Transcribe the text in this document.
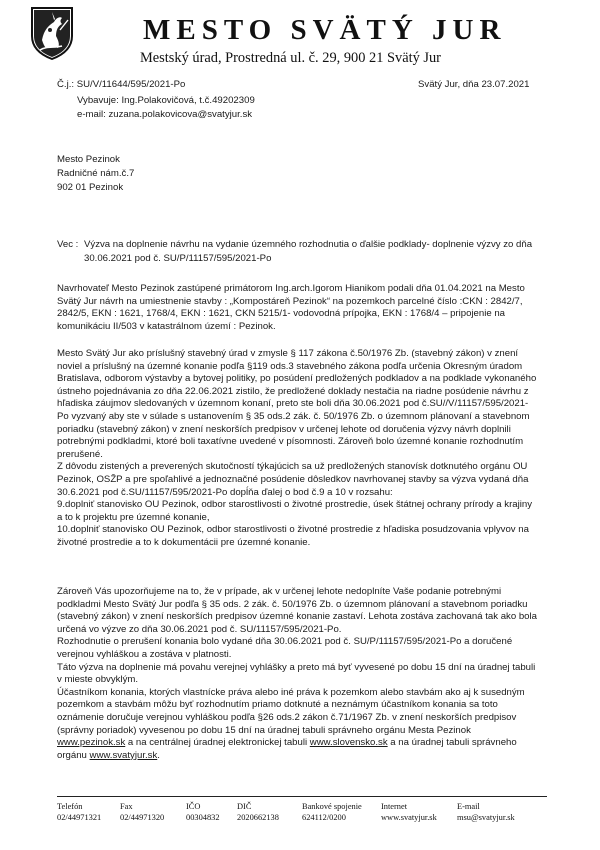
MESTO SVÄTÝ JUR
Mestský úrad, Prostredná ul. č. 29, 900 21 Svätý Jur
Č.j.: SU/V/11644/595/2021-Po	Svätý Jur, dňa 23.07.2021
Vybavuje: Ing.Polakovičová, t.č.49202309
e-mail: zuzana.polakovicova@svatyjur.sk
Mesto Pezinok
Radničné nám.č.7
902 01 Pezinok
Vec : Výzva na doplnenie návrhu na vydanie územného rozhodnutia o ďalšie podklady- doplnenie výzvy zo dňa
30.06.2021 pod č. SU/P/11157/595/2021-Po
Navrhovateľ Mesto Pezinok zastúpené primátorom Ing.arch.Igorom Hianikom podali dňa 01.04.2021 na Mesto
Svätý Jur návrh na umiestnenie stavby : „Kompostáreň Pezinok“ na pozemkoch parcelné číslo :CKN : 2842/7,
2842/5, EKN : 1621, 1768/4, EKN : 1621, CKN 5215/1- vodovodná prípojka, EKN : 1768/4 – pripojenie na
komunikáciu II/503 v katastrálnom území : Pezinok.
Mesto Svätý Jur ako príslušný stavebný úrad v zmysle § 117 zákona č.50/1976 Zb. (stavebný zákon) v znení
noviel a príslušný na územné konanie podľa §119 ods.3 stavebného zákona podľa určenia Okresným úradom
Bratislava, odborom výstavby a bytovej politiky, po posúdení predložených podkladov a na podklade vykonaného
ústneho pojednávania zo dňa 22.06.2021 zistilo, že predložené doklady nestačia na riadne posúdenie návrhu z
hľadiska záujmov sledovaných v územnom konaní, preto ste boli dňa 30.06.2021 pod č.SU//V/11157/595/2021-
Po vyzvaný aby ste v súlade s ustanovením § 35 ods.2 zák. č. 50/1976 Zb. o územnom plánovaní a stavebnom
poriadku (stavebný zákon) v znení neskorších predpisov v určenej lehote od doručenia výzvy návrh doplnili
potrebnými podkladmi, ktoré boli taxatívne uvedené v písomnosti. Zároveň bolo územné konanie rozhodnutím
prerušené.
Z dôvodu zistených a preverených skutočností týkajúcich sa už predložených stanovísk dotknutého orgánu OU
Pezinok, OSŽP a pre spoľahlivé a jednoznačné posúdenie dôsledkov navrhovanej stavby sa výzva vydaná dňa
30.6.2021 pod č.SU/11157/595/2021-Po dopĺňa ďalej o bod č.9 a 10 v rozsahu:
9.doplniť stanovisko OU Pezinok, odbor starostlivosti o životné prostredie, úsek štátnej ochrany prírody a krajiny
a to k projektu pre územné konanie,
10.doplniť stanovisko OU Pezinok, odbor starostlivosti o životné prostredie z hľadiska posudzovania vplyvov na
životné prostredie a to k dokumentácii pre územné konanie.
Zároveň Vás upozorňujeme na to, že v prípade, ak v určenej lehote nedoplníte Vaše podanie potrebnými
podkladmi Mesto Svätý Jur podľa § 35 ods. 2 zák. č. 50/1976 Zb. o územnom plánovaní a stavebnom poriadku
(stavebný zákon) v znení neskorších predpisov územné konanie zastaví. Lehota zostáva zachovaná tak ako bola
určená vo výzve zo dňa 30.06.2021 pod č. SU/11157/595/2021-Po.
Rozhodnutie o prerušení konania bolo vydané dňa 30.06.2021 pod č. SU/P/11157/595/2021-Po a doručené
verejnou vyhláškou a zostáva v platnosti.
Táto výzva na doplnenie má povahu verejnej vyhlášky a preto má byť vyvesené po dobu 15 dní na úradnej tabuli
v mieste obvyklým.
Účastníkom konania, ktorých vlastnícke práva alebo iné práva k pozemkom alebo stavbám ako aj k susedným
pozemkom a stavbám môžu byť rozhodnutím priamo dotknuté a neznámym účastníkom konania sa toto
oznámenie doručuje verejnou vyhláškou podľa §26 ods.2 zákon č.71/1967 Zb. v znení neskorších predpisov
(správny poriadok) vyvesenou po dobu 15 dní na úradnej tabuli správneho orgánu Mesta Pezinok
www.pezinok.sk a na centrálnej úradnej elektronickej tabuli www.slovensko.sk a na úradnej tabuli správneho
orgánu www.svatyjur.sk.
Telefón
02/44971321
Fax
02/44971320
IČO
00304832
DIČ
2020662138
Bankové spojenie
624112/0200
Internet
www.svatyjur.sk
E-mail
msu@svatyjur.sk
